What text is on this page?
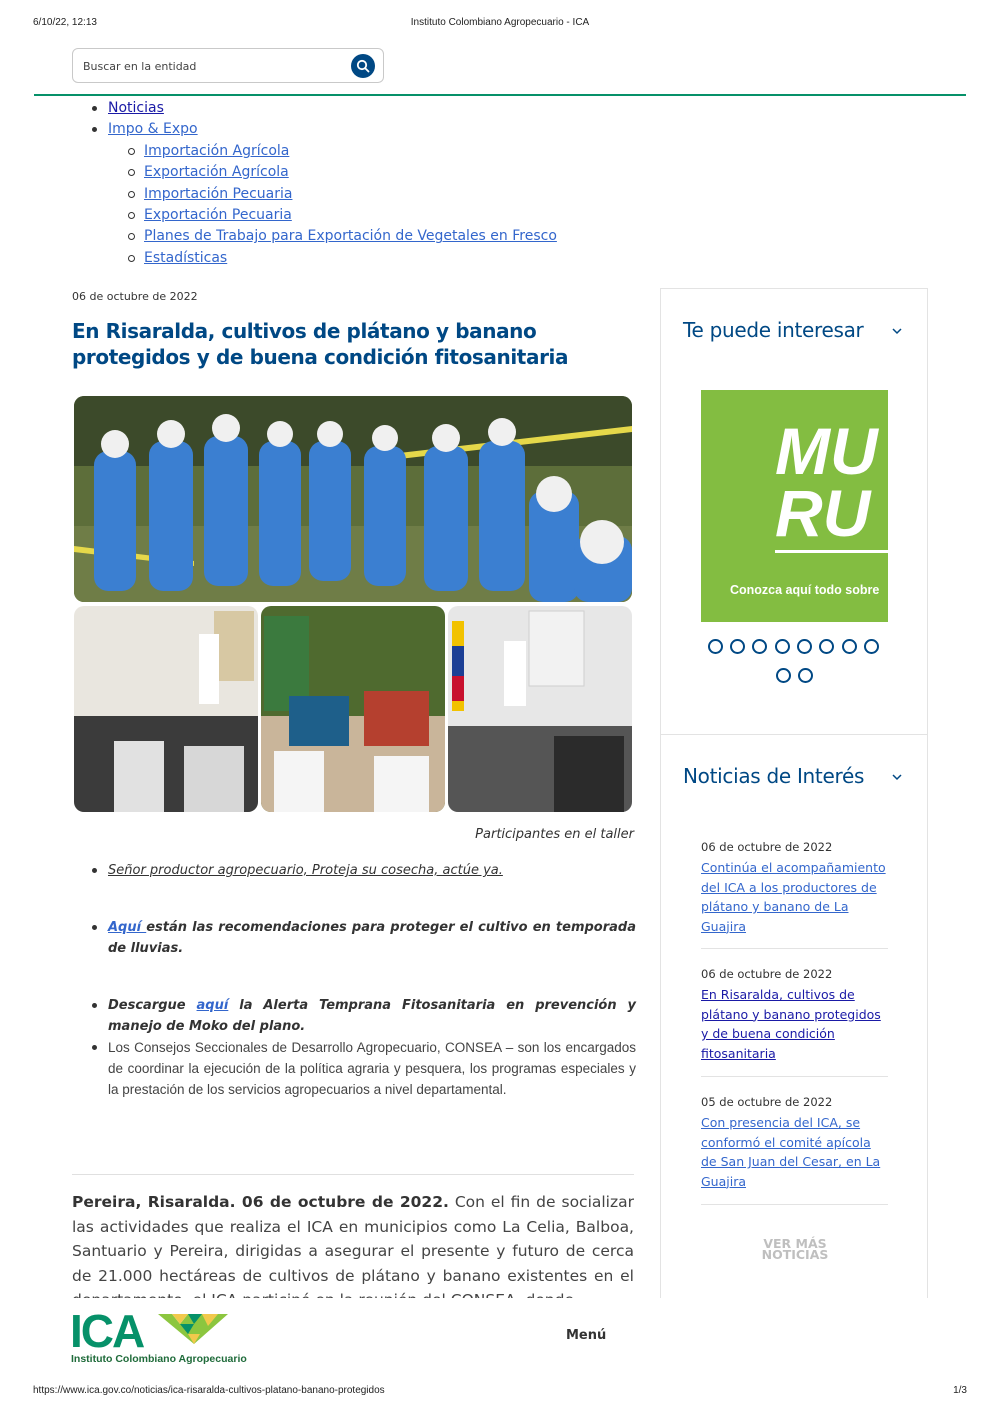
6/10/22, 12:13	Instituto Colombiano Agropecuario - ICA
Buscar en la entidad
Noticias
Impo & Expo
Importación Agrícola
Exportación Agrícola
Importación Pecuaria
Exportación Pecuaria
Planes de Trabajo para Exportación de Vegetales en Fresco
Estadísticas
06 de octubre de 2022
En Risaralda, cultivos de plátano y banano protegidos y de buena condición fitosanitaria
Participantes en el taller
Señor productor agropecuario, Proteja su cosecha, actúe ya.
Aquí están las recomendaciones para proteger el cultivo en temporada de lluvias.
Descargue aquí la Alerta Temprana Fitosanitaria en prevención y manejo de Moko del plano.
Los Consejos Seccionales de Desarrollo Agropecuario, CONSEA – son los encargados de coordinar la ejecución de la política agraria y pesquera, los programas especiales y la prestación de los servicios agropecuarios a nivel departamental.

Pereira, Risaralda. 06 de octubre de 2022. Con el fin de socializar las actividades que realiza el ICA en municipios como La Celia, Balboa, Santuario y Pereira, dirigidas a asegurar el presente y futuro de cerca de 21.000 hectáreas de cultivos de plátano y banano existentes en el

Te puede interesar
MU
RU
Conozca aquí todo sobre
Noticias de Interés
06 de octubre de 2022
Continúa el acompañamiento del ICA a los productores de plátano y banano de La Guajira
06 de octubre de 2022
En Risaralda, cultivos de plátano y banano protegidos y de buena condición fitosanitaria
05 de octubre de 2022
Con presencia del ICA, se conformó el comité apícola de San Juan del Cesar, en La Guajira
VER MÁS NOTICIAS
ICA
Instituto Colombiano Agropecuario
Menú
https://www.ica.gov.co/noticias/ica-risaralda-cultivos-platano-banano-protegidos	1/3
